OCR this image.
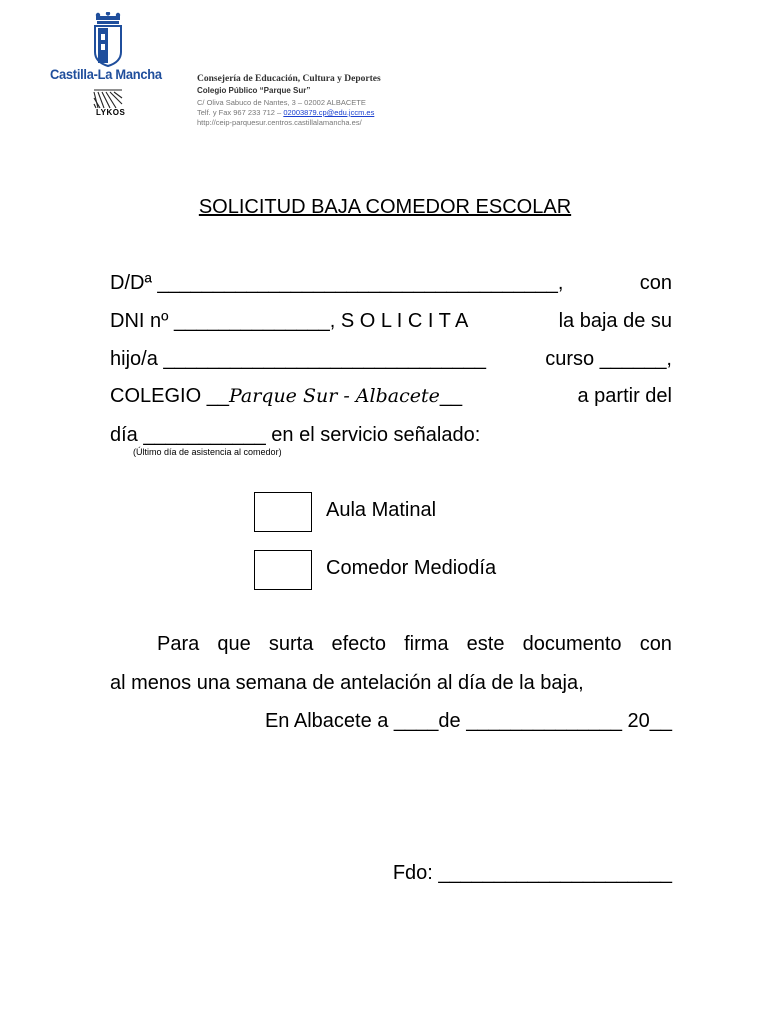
Castilla-La Mancha
LYKOS
Consejería de Educación, Cultura y Deportes
Colegio Público “Parque Sur”
C/ Oliva Sabuco de Nantes, 3 – 02002 ALBACETE
Telf. y Fax 967 233 712 – 02003879.cp@edu.jccm.es
http://ceip-parquesur.centros.castillalamancha.es/
SOLICITUD BAJA COMEDOR ESCOLAR
D/Dª ____________________________________,	con
DNI nº ______________, S O L I C I T A	la baja de su
hijo/a _____________________________	curso ______,
COLEGIO __Parque Sur - Albacete__	a partir del
día ___________ en el servicio señalado:
(Último día de asistencia al comedor)
Aula Matinal
Comedor Mediodía
Para que surta efecto firma este documento con
al menos una semana de antelación al día de la baja,
En Albacete a ____de ______________ 20__
Fdo: _____________________
